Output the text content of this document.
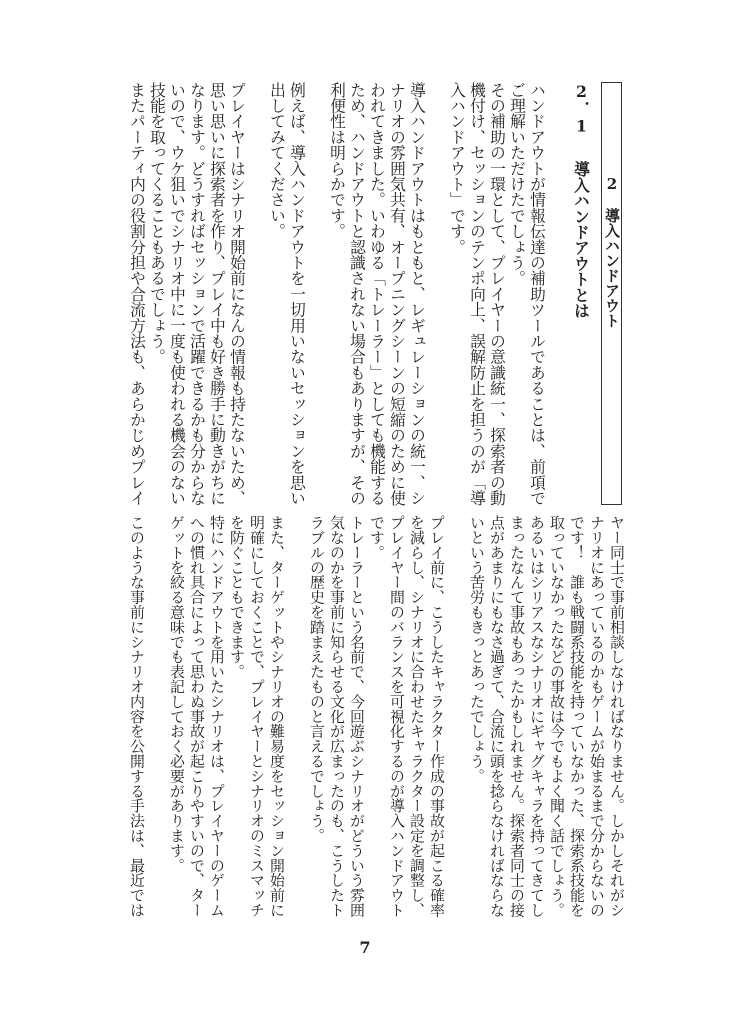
2　導入ハンドアウト
2．1　導入ハンドアウトとは
ハンドアウトが情報伝達の補助ツールであることは、前項で
ご理解いただけたでしょう。
その補助の一環として、プレイヤーの意識統一、探索者の動
機付け、セッションのテンポ向上、誤解防止を担うのが「導
入ハンドアウト」です。
導入ハンドアウトはもともと、レギュレーションの統一、シ
ナリオの雰囲気共有、オープニングシーンの短縮のために使
われてきました。いわゆる「トレーラー」としても機能する
ため、ハンドアウトと認識されない場合もありますが、その
利便性は明らかです。
例えば、導入ハンドアウトを一切用いないセッションを思い
出してみてください。
プレイヤーはシナリオ開始前になんの情報も持たないため、
思い思いに探索者を作り、プレイ中も好き勝手に動きがちに
なります。どうすればセッションで活躍できるかも分からな
いので、ウケ狙いでシナリオ中に一度も使われる機会のない
技能を取ってくることもあるでしょう。
またパーティ内の役割分担や合流方法も、あらかじめプレイ
ヤー同士で事前相談しなければなりません。しかしそれがシ
ナリオにあっているのかもゲームが始まるまで分からないの
です！　誰も戦闘系技能を持っていなかった、探索系技能を
取っていなかったなどの事故は今でもよく聞く話でしょう。
あるいはシリアスなシナリオにギャグキャラを持ってきてし
まったなんて事故もあったかもしれません。探索者同士の接
点があまりにもなさ過ぎて、合流に頭を捻らなければならな
いという苦労もきっとあったでしょう。
プレイ前に、こうしたキャラクター作成の事故が起こる確率
を減らし、シナリオに合わせたキャラクター設定を調整し、
プレイヤー間のバランスを可視化するのが導入ハンドアウト
です。
トレーラーという名前で、今回遊ぶシナリオがどういう雰囲
気なのかを事前に知らせる文化が広まったのも、こうしたト
ラブルの歴史を踏まえたものと言えるでしょう。
また、ターゲットやシナリオの難易度をセッション開始前に
明確にしておくことで、プレイヤーとシナリオのミスマッチ
を防ぐこともできます。
特にハンドアウトを用いたシナリオは、プレイヤーのゲーム
への慣れ具合によって思わぬ事故が起こりやすいので、ター
ゲットを絞る意味でも表記しておく必要があります。
このような事前にシナリオ内容を公開する手法は、最近では
7
